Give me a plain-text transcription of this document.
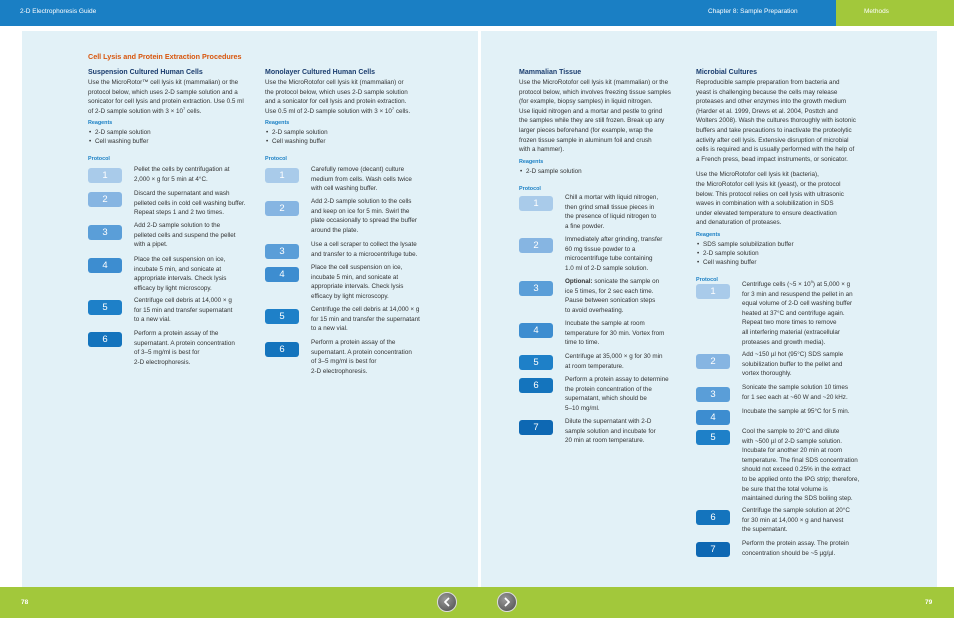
2-D Electrophoresis Guide	Chapter 8: Sample Preparation	Methods
Cell Lysis and Protein Extraction Procedures
Suspension Cultured Human Cells

Use the MicroRotor™ cell lysis kit (mammalian) or the
protocol below, which uses 2-D sample solution and a
sonicator for cell lysis and protein extraction. Use 0.5 ml
of 2-D sample solution with $3 \times 10^7$ cells.

Reagents
• 2-D sample solution
• Cell washing buffer
Protocol
1
Pellet the cells by centrifugation at
2,000 × g for 5 min at 4°C.
2
Discard the supernatant and wash
pelleted cells in cold cell washing buffer.
Repeat steps 1 and 2 two times.
3
Add 2-D sample solution to the
pelleted cells and suspend the pellet
with a pipet.
4
Place the cell suspension on ice,
incubate 5 min, and sonicate at
appropriate intervals. Check lysis
efficacy by light microscopy.
5
Centrifuge cell debris at 14,000 × g
for 15 min and transfer supernatant
to a new vial.
6
Perform a protein assay of the
supernatant. A protein concentration
of 3–5 mg/ml is best for
2-D electrophoresis.
Monolayer Cultured Human Cells

Use the MicroRotofor cell lysis kit (mammalian) or
the protocol below, which uses 2-D sample solution
and a sonicator for cell lysis and protein extraction.
Use 0.5 ml of 2-D sample solution with $3 \times 10^7$ cells.

Reagents
• 2-D sample solution
• Cell washing buffer
Protocol
1
Carefully remove (decant) culture
medium from cells. Wash cells twice
with cell washing buffer.
2
Add 2-D sample solution to the cells
and keep on ice for 5 min. Swirl the
plate occasionally to spread the buffer
around the plate.
3
Use a cell scraper to collect the lysate
and transfer to a microcentrifuge tube.
4
Place the cell suspension on ice,
incubate 5 min, and sonicate at
appropriate intervals. Check lysis
efficacy by light microscopy.
5
Centrifuge the cell debris at 14,000 × g
for 15 min and transfer the supernatant
to a new vial.
6
Perform a protein assay of the
supernatant. A protein concentration
of 3–5 mg/ml is best for
2-D electrophoresis.
Mammalian Tissue

Use the MicroRotofor cell lysis kit (mammalian) or the
protocol below, which involves freezing tissue samples
(for example, biopsy samples) in liquid nitrogen.
Use liquid nitrogen and a mortar and pestle to grind
the samples while they are still frozen. Break up any
larger pieces beforehand (for example, wrap the
frozen tissue sample in aluminum foil and crush
with a hammer).

Reagents
• 2-D sample solution
Protocol
1
Chill a mortar with liquid nitrogen,
then grind small tissue pieces in
the presence of liquid nitrogen to
a fine powder.
2
Immediately after grinding, transfer
60 mg tissue powder to a
microcentrifuge tube containing
1.0 ml of 2-D sample solution.
3
Optional: sonicate the sample on
ice 5 times, for 2 sec each time.
Pause between sonication steps
to avoid overheating.
4
Incubate the sample at room
temperature for 30 min. Vortex from
time to time.
5
Centrifuge at 35,000 × g for 30 min
at room temperature.
6
Perform a protein assay to determine
the protein concentration of the
supernatant, which should be
5–10 mg/ml.
7
Dilute the supernatant with 2-D
sample solution and incubate for
20 min at room temperature.
Microbial Cultures

Reproducible sample preparation from bacteria and
yeast is challenging because the cells may release
proteases and other enzymes into the growth medium
(Harder et al. 1999, Drews et al. 2004, Posttch and
Wolters 2008). Wash the cultures thoroughly with isotonic
buffers and take precautions to inactivate the proteolytic
activity after cell lysis. Extensive disruption of microbial
cells is required and is usually performed with the help of
a French press, bead impact instruments, or sonicator.

Use the MicroRotofor cell lysis kit (bacteria),
the MicroRotofor cell lysis kit (yeast), or the protocol
below. This protocol relies on cell lysis with ultrasonic
waves in combination with a solubilization in SDS
under elevated temperature to ensure deactivation
and denaturation of proteases.

Reagents
• SDS sample solubilization buffer
• 2-D sample solution
• Cell washing buffer
Protocol
1
Centrifuge cells (~5 × $10^9$) at 5,000 × g
for 3 min and resuspend the pellet in an
equal volume of 2-D cell washing buffer
heated at 37°C and centrifuge again.
Repeat two more times to remove
all interfering material (extracellular
proteases and growth media).
2
Add ~150 µl hot (95°C) SDS sample
solubilization buffer to the pellet and
vortex thoroughly.
3
Sonicate the sample solution 10 times
for 1 sec each at ~60 W and ~20 kHz.
4
Incubate the sample at 95°C for 5 min.
5
Cool the sample to 20°C and dilute
with ~500 µl of 2-D sample solution.
Incubate for another 20 min at room
temperature. The final SDS concentration
should not exceed 0.25% in the extract
to be applied onto the IPG strip; therefore,
be sure that the total volume is
maintained during the SDS boiling step.
6
Centrifuge the sample solution at 20°C
for 30 min at 14,000 × g and harvest
the supernatant.
7
Perform the protein assay. The protein
concentration should be ~5 µg/µl.
78	79
